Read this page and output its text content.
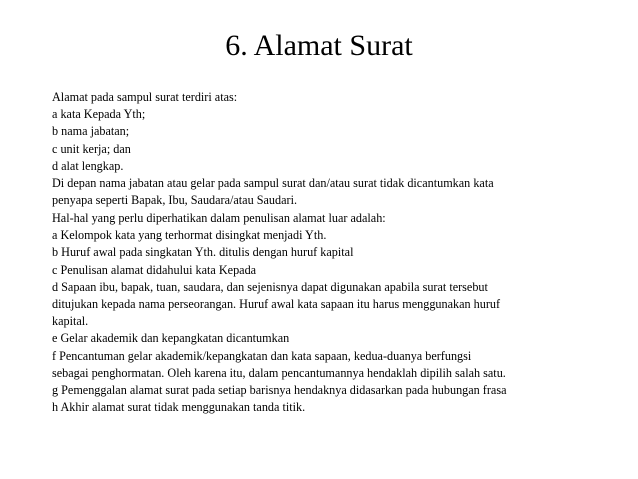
6. Alamat Surat
Alamat pada sampul surat terdiri atas:
a kata Kepada Yth;
b nama jabatan;
c unit kerja; dan
d alat lengkap.
Di depan nama jabatan atau gelar pada sampul surat dan/atau surat tidak dicantumkan kata
penyapa seperti Bapak, Ibu, Saudara/atau Saudari.
Hal-hal yang perlu diperhatikan dalam penulisan alamat luar adalah:
a Kelompok kata yang terhormat disingkat menjadi Yth.
b Huruf awal pada singkatan Yth. ditulis dengan huruf kapital
c Penulisan alamat didahului kata Kepada
d Sapaan ibu, bapak, tuan, saudara, dan sejenisnya dapat digunakan apabila surat tersebut
ditujukan kepada nama perseorangan. Huruf awal kata sapaan itu harus menggunakan huruf
kapital.
e Gelar akademik dan kepangkatan dicantumkan
f Pencantuman gelar akademik/kepangkatan dan kata sapaan, kedua-duanya berfungsi
sebagai penghormatan. Oleh karena itu, dalam pencantumannya hendaklah dipilih salah satu.
g Pemenggalan alamat surat pada setiap barisnya hendaknya didasarkan pada hubungan frasa
h Akhir alamat surat tidak menggunakan tanda titik.
